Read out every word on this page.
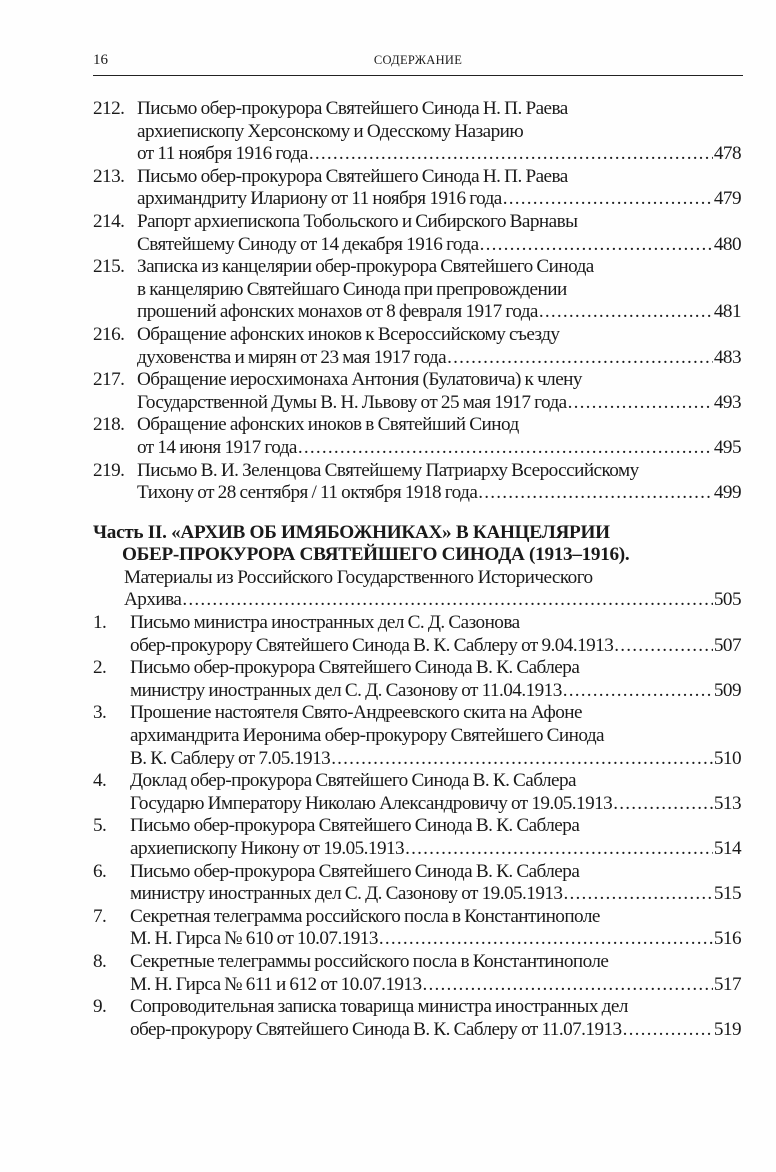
16	СОДЕРЖАНИЕ
212. Письмо обер-прокурора Святейшего Синода Н. П. Раева
архиепископу Херсонскому и Одесскому Назарию
от 11 ноября 1916 года .....	478
213. Письмо обер-прокурора Святейшего Синода Н. П. Раева
архимандриту Илариону от 11 ноября 1916 года .....	479
214. Рапорт архиепископа Тобольского и Сибирского Варнавы
Святейшему Синоду от 14 декабря 1916 года .....	480
215. Записка из канцелярии обер-прокурора Святейшего Синода
в канцелярию Святейшаго Синода при препровождении
прошений афонских монахов от 8 февраля 1917 года .....	481
216. Обращение афонских иноков к Всероссийскому съезду
духовенства и мирян от 23 мая 1917 года .....	483
217. Обращение иеросхимонаха Антония (Булатовича) к члену
Государственной Думы В. Н. Львову от 25 мая 1917 года .....	493
218. Обращение афонских иноков в Святейший Синод
от 14 июня 1917 года .....	495
219. Письмо В. И. Зеленцова Святейшему Патриарху Всероссийскому
Тихону от 28 сентября / 11 октября 1918 года .....	499
Часть II. «АРХИВ ОБ ИМЯБОЖНИКАХ» В КАНЦЕЛЯРИИ
ОБЕР-ПРОКУРОРА СВЯТЕЙШЕГО СИНОДА (1913–1916).
Материалы из Российского Государственного Исторического
Архива .....	505
1. Письмо министра иностранных дел С. Д. Сазонова
обер-прокурору Святейшего Синода В. К. Саблеру от 9.04.1913 .....	507
2. Письмо обер-прокурора Святейшего Синода В. К. Саблера
министру иностранных дел С. Д. Сазонову от 11.04.1913 .....	509
3. Прошение настоятеля Свято-Андреевского скита на Афоне
архимандрита Иеронима обер-прокурору Святейшего Синода
В. К. Саблеру от 7.05.1913 .....	510
4. Доклад обер-прокурора Святейшего Синода В. К. Саблера
Государю Императору Николаю Александровичу от 19.05.1913 .....	513
5. Письмо обер-прокурора Святейшего Синода В. К. Саблера
архиепископу Никону от 19.05.1913 .....	514
6. Письмо обер-прокурора Святейшего Синода В. К. Саблера
министру иностранных дел С. Д. Сазонову от 19.05.1913 .....	515
7. Секретная телеграмма российского посла в Константинополе
М. Н. Гирса № 610 от 10.07.1913 .....	516
8. Секретные телеграммы российского посла в Константинополе
М. Н. Гирса № 611 и 612 от 10.07.1913 .....	517
9. Сопроводительная записка товарища министра иностранных дел
обер-прокурору Святейшего Синода В. К. Саблеру от 11.07.1913 .....	519
